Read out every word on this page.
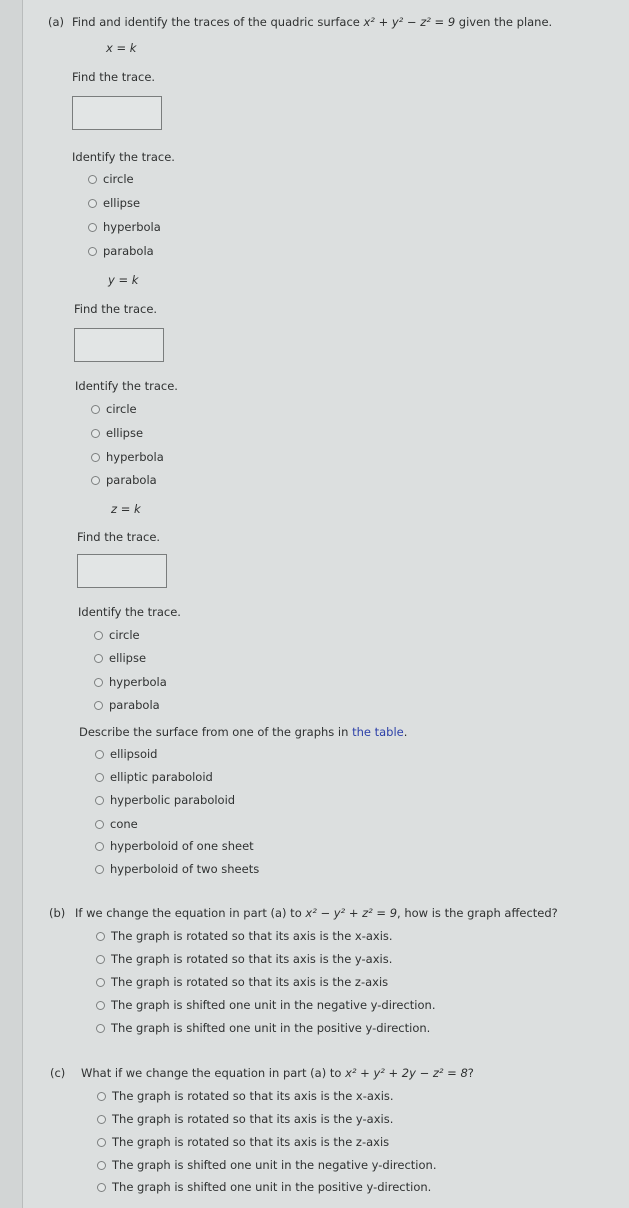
(a) Find and identify the traces of the quadric surface x² + y² − z² = 9 given the plane.
x = k
Find the trace.
Identify the trace.
circle
ellipse
hyperbola
parabola
y = k
Find the trace.
Identify the trace.
circle
ellipse
hyperbola
parabola
z = k
Find the trace.
Identify the trace.
circle
ellipse
hyperbola
parabola
Describe the surface from one of the graphs in the table.
ellipsoid
elliptic paraboloid
hyperbolic paraboloid
cone
hyperboloid of one sheet
hyperboloid of two sheets
(b) If we change the equation in part (a) to x² − y² + z² = 9, how is the graph affected?
The graph is rotated so that its axis is the x-axis.
The graph is rotated so that its axis is the y-axis.
The graph is rotated so that its axis is the z-axis
The graph is shifted one unit in the negative y-direction.
The graph is shifted one unit in the positive y-direction.
(c) What if we change the equation in part (a) to x² + y² + 2y − z² = 8?
The graph is rotated so that its axis is the x-axis.
The graph is rotated so that its axis is the y-axis.
The graph is rotated so that its axis is the z-axis
The graph is shifted one unit in the negative y-direction.
The graph is shifted one unit in the positive y-direction.
